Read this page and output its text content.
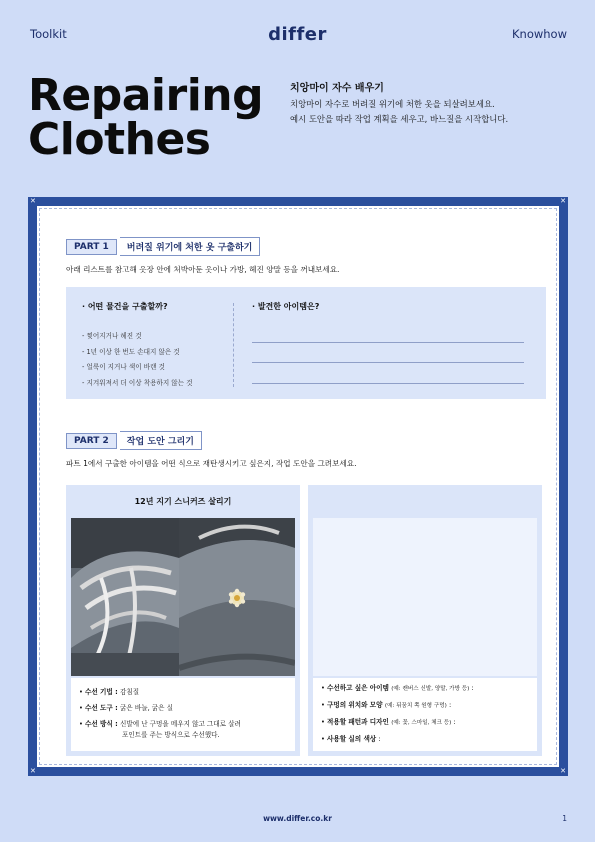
Toolkit	differ	Knowhow
Repairing
Clothes
치앙마이 자수 배우기
치앙마이 자수로 버려질 위기에 처한 옷을 되살려보세요.
예시 도안을 따라 작업 계획을 세우고, 바느질을 시작합니다.
✕	✕
✕	✕
PART 1	버려질 위기에 처한 옷 구출하기
아래 리스트를 참고해 옷장 안에 처박아둔 옷이나 가방, 헤진 양말 등을 꺼내보세요.
· 어떤 물건을 구출할까?
- 찢어지거나 헤진 것
- 1년 이상 한 번도 손대지 않은 것
- 얼룩이 지거나 색이 바랜 것
- 지겨워져서 더 이상 착용하지 않는 것
· 발견한 아이템은?
PART 2	작업 도안 그리기
파트 1에서 구출한 아이템을 어떤 식으로 재탄생시키고 싶은지, 작업 도안을 그려보세요.
12년 지기 스니커즈 살리기
• 수선 기법 : 감침질
• 수선 도구 : 굵은 바늘, 굵은 실
• 수선 방식 : 신발에 난 구멍을 메우지 않고 그대로 살려
포인트를 주는 방식으로 수선했다.
• 수선하고 싶은 아이템 (예: 캔버스 신발, 양말, 가방 등) :
• 구멍의 위치와 모양 (예: 뒤꿈치 쪽 원형 구멍) :
• 적용할 패턴과 디자인 (예: 꽃, 스마일, 체크 등) :
• 사용할 실의 색상 :
www.differ.co.kr	1
